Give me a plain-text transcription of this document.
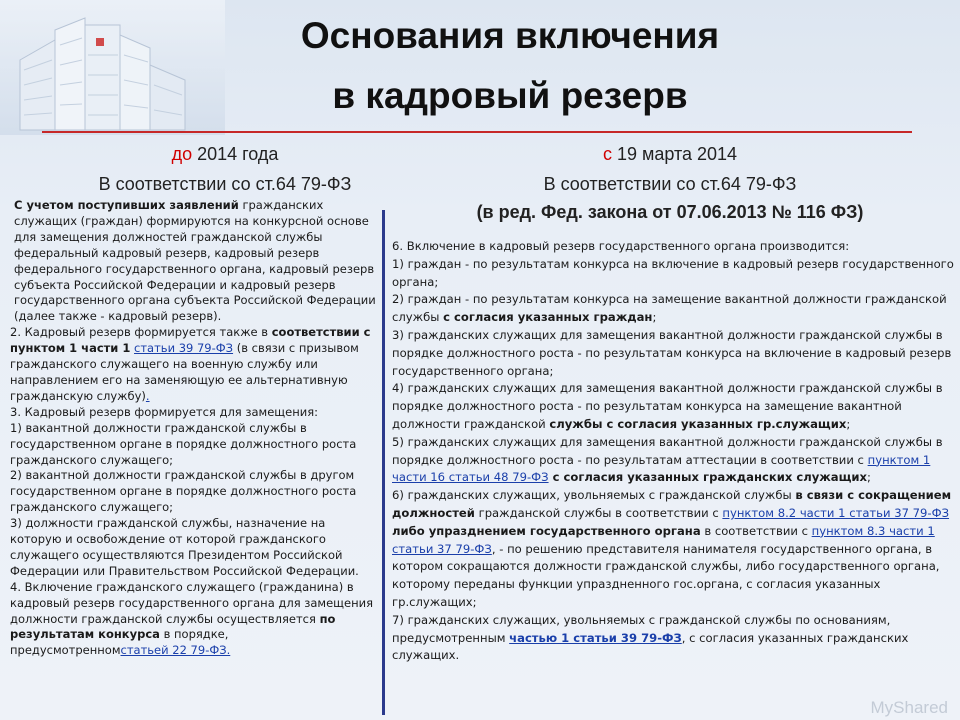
Основания включения
в кадровый резерв
до 2014 года
В соответствии со ст.64 79-ФЗ
с 19 марта 2014
В соответствии со ст.64 79-ФЗ
(в ред. Фед. закона от 07.06.2013 № 116 ФЗ)

С учетом поступивших заявлений гражданских служащих (граждан) формируются на конкурсной основе для замещения должностей гражданской службы федеральный кадровый резерв, кадровый резерв федерального государственного органа, кадровый резерв субъекта Российской Федерации и кадровый резерв государственного органа субъекта Российской Федерации (далее также - кадровый резерв).

2. Кадровый резерв формируется также в соответствии с пунктом 1 части 1 статьи 39 79-ФЗ (в связи с призывом гражданского служащего на военную службу или направлением его на заменяющую ее альтернативную гражданскую службу).

3. Кадровый резерв формируется для замещения:

1) вакантной должности гражданской службы в государственном органе в порядке должностного роста гражданского служащего;

2) вакантной должности гражданской службы в другом государственном органе в порядке должностного роста гражданского служащего;

3) должности гражданской службы, назначение на которую и освобождение от которой гражданского служащего осуществляются Президентом Российской Федерации или Правительством Российской Федерации.

4. Включение гражданского служащего (гражданина) в кадровый резерв государственного органа для замещения должности гражданской службы осуществляется по результатам конкурса в порядке, предусмотренномстатьей 22 79-ФЗ.

6. Включение в кадровый резерв государственного органа производится:

1) граждан - по результатам конкурса на включение в кадровый резерв государственного органа;

2) граждан - по результатам конкурса на замещение вакантной должности гражданской службы с согласия указанных граждан;

3) гражданских служащих для замещения вакантной должности гражданской службы в порядке должностного роста - по результатам конкурса на включение в кадровый резерв государственного органа;

4) гражданских служащих для замещения вакантной должности гражданской службы в порядке должностного роста - по результатам конкурса на замещение вакантной должности гражданской службы с согласия указанных гр.служащих;

5) гражданских служащих для замещения вакантной должности гражданской службы в порядке должностного роста - по результатам аттестации в соответствии с пунктом 1 части 16 статьи 48 79-ФЗ с согласия указанных гражданских служащих;

6) гражданских служащих, увольняемых с гражданской службы в связи с сокращением должностей гражданской службы в соответствии с пунктом 8.2 части 1 статьи 37 79-ФЗ либо упразднением государственного органа в соответствии с пунктом 8.3 части 1 статьи 37 79-ФЗ, - по решению представителя нанимателя государственного органа, в котором сокращаются должности гражданской службы, либо государственного органа, которому переданы функции упраздненного гос.органа, с согласия указанных гр.служащих;

7) гражданских служащих, увольняемых с гражданской службы по основаниям, предусмотренным частью 1 статьи 39 79-ФЗ, с согласия указанных гражданских служащих.

MyShared
